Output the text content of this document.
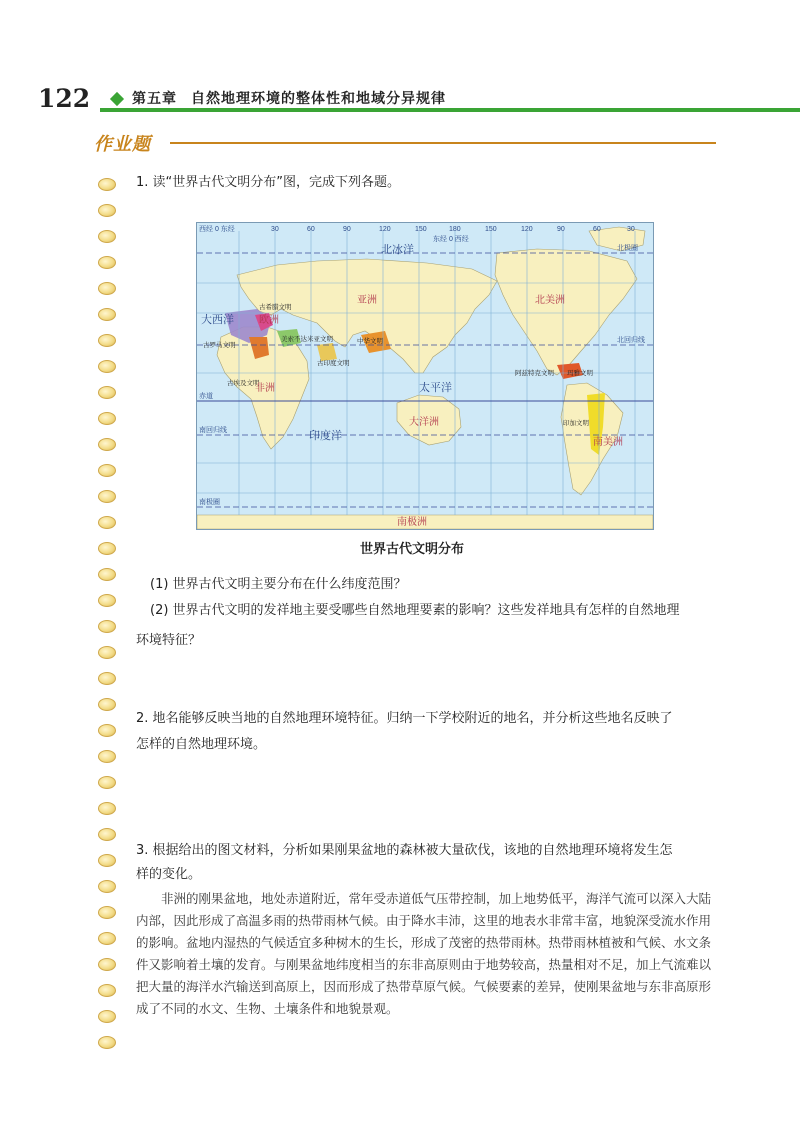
122	第五章 自然地理环境的整体性和地域分异规律
作业题
1. 读“世界古代文明分布”图，完成下列各题。
西经 0 东经	30	60	90	120	150	180	150	120	90	60	30
东经 0 西经
北极圈
北回归线
赤道
南回归线
南极圈
古希腊文明
古罗马文明
美索不达米亚文明	中华文明
古印度文明
古埃及文明
阿兹特克文明 玛雅文明
印加文明
北冰洋
大西洋
太平洋
印度洋
欧洲
亚洲
非洲
北美洲
南美洲
大洋洲
南极洲
世界古代文明分布
(1) 世界古代文明主要分布在什么纬度范围？
(2) 世界古代文明的发祥地主要受哪些自然地理要素的影响？这些发祥地具有怎样的自然地理
环境特征？
2. 地名能够反映当地的自然地理环境特征。归纳一下学校附近的地名，并分析这些地名反映了
怎样的自然地理环境。
3. 根据给出的图文材料，分析如果刚果盆地的森林被大量砍伐，该地的自然地理环境将发生怎
样的变化。
非洲的刚果盆地，地处赤道附近，常年受赤道低气压带控制，加上地势低平，海洋气流可以深入大陆内部，因此形成了高温多雨的热带雨林气候。由于降水丰沛，这里的地表水非常丰富，地貌深受流水作用的影响。盆地内湿热的气候适宜多种树木的生长，形成了茂密的热带雨林。热带雨林植被和气候、水文条件又影响着土壤的发育。与刚果盆地纬度相当的东非高原则由于地势较高，热量相对不足，加上气流难以把大量的海洋水汽输送到高原上，因而形成了热带草原气候。气候要素的差异，使刚果盆地与东非高原形成了不同的水文、生物、土壤条件和地貌景观。
